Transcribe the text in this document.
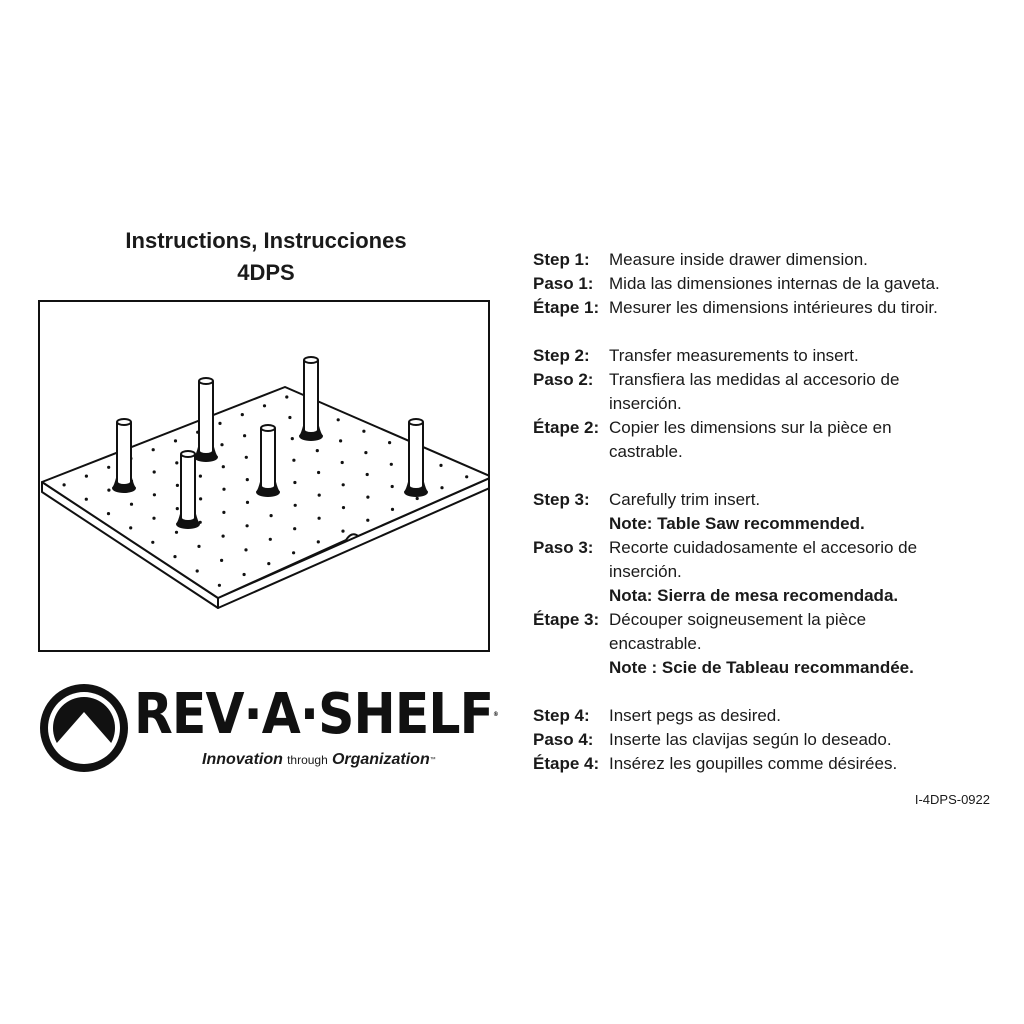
Instructions, Instrucciones
4DPS
REV·A·SHELF®
Innovation through Organization™
Step 1:	Measure inside drawer dimension.
Paso 1: Mida las dimensiones internas de la gaveta.
Étape 1: Mesurer les dimensions intérieures du tiroir.
Step 2:	Transfer measurements to insert.
Paso 2: Transfiera las medidas al accesorio de
inserción.
Étape 2: Copier les dimensions sur la pièce en
castrable.
Step 3:	Carefully trim insert.
Note: Table Saw recommended.
Paso 3: Recorte cuidadosamente el accesorio de
inserción.
Nota: Sierra de mesa recomendada.
Étape 3: Découper soigneusement la pièce
encastrable.
Note : Scie de Tableau recommandée.
Step 4:	Insert pegs as desired.
Paso 4: Inserte las clavijas según lo deseado.
Étape 4: Insérez les goupilles comme désirées.
I-4DPS-0922
